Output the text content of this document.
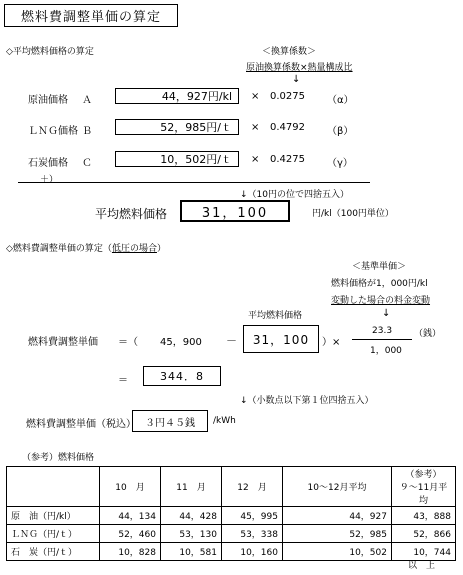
燃料費調整単価の算定
◇平均燃料価格の算定	＜換算係数＞
原油換算係数×熱量構成比
↓
原油価格 Ａ	44，927円/kl	× 0.0275 （α）
ＬＮＧ価格 Ｂ	52，985円/ｔ	× 0.4792 （β）
石炭価格 Ｃ	10，502円/ｔ	× 0.4275 （γ）
＋）
↓（10円の位で四捨五入）
平均燃料価格	31，100	円/kl（100円単位）
◇燃料費調整単価の算定（低圧の場合）
＜基準単価＞
燃料価格が1，000円/kl
変動した場合の料金変動
↓
平均燃料価格
燃料費調整単価 ＝（ 45，900 －	31，100	）×
23.3
1，000
（銭）
＝	344．8
↓（小数点以下第１位四捨五入）
燃料費調整単価（税込） ３円４５銭	/kWh
（参考）燃料価格
	10　月	11　月	12　月	10～12月平均	（参考）
９～11月平均

原　油（円/kl）	44，134	44，428	45，995	44，927	43，888
ＬＮＧ（円/ｔ）	52，460	53，130	53，338	52，985	52，866
石　炭（円/ｔ）	10，828	10，581	10，160	10，502	10，744
以　上
